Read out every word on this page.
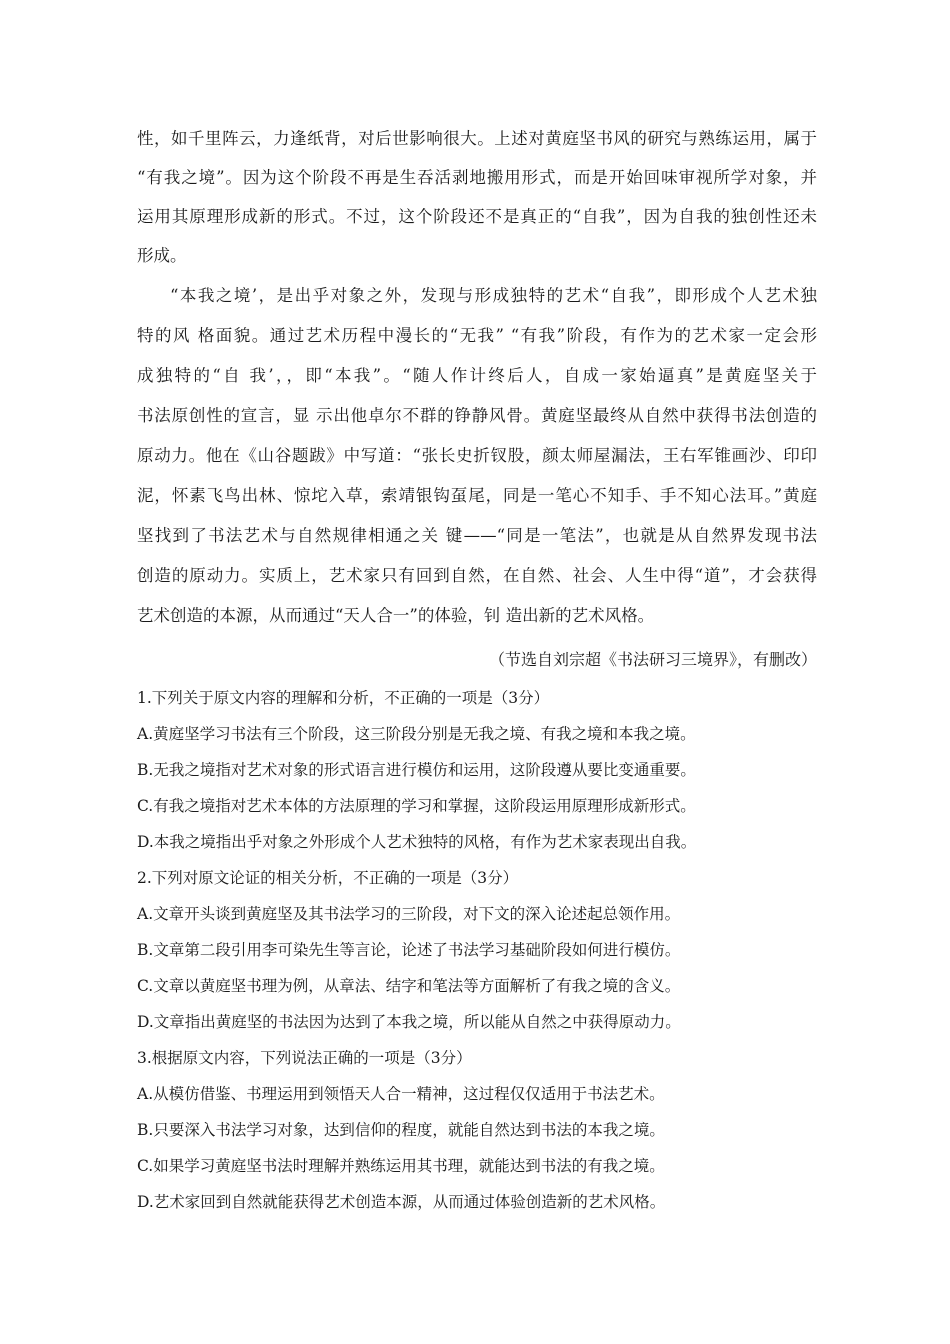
性，如千里阵云，力逢纸背，对后世影响很大。上述对黄庭坚书风的研究与熟练运用，属于
“有我之境”。因为这个阶段不再是生吞活剥地搬用形式，而是开始回味审视所学对象，并
运用其原理形成新的形式。不过，这个阶段还不是真正的“自我”，因为自我的独创性还未
形成。
“本我之境’，是出乎对象之外，发现与形成独特的艺术“自我”，即形成个人艺术独
特的风 格面貌。通过艺术历程中漫长的“无我” “有我”阶段，有作为的艺术家一定会形
成独特的“自 我’，，即“本我”。“随人作计终后人，自成一家始逼真”是黄庭坚关于
书法原创性的宣言，显 示出他卓尔不群的铮静风骨。黄庭坚最终从自然中获得书法创造的
原动力。他在《山谷题跋》中写道：“张长史折钗股，颜太师屋漏法，王右军锥画沙、印印
泥，怀素飞鸟出林、惊坨入草，索靖银钩虿尾，同是一笔心不知手、手不知心法耳。”黄庭
坚找到了书法艺术与自然规律相通之关 键——“同是一笔法”，也就是从自然界发现书法
创造的原动力。实质上，艺术家只有回到自然，在自然、社会、人生中得“道”，才会获得
艺术创造的本源，从而通过“天人合一”的体验，钊 造出新的艺术风格。
（节选自刘宗超《书法研习三境界》，有删改）
1.下列关于原文内容的理解和分析，不正确的一项是（3分）
A.黄庭坚学习书法有三个阶段，这三阶段分别是无我之境、有我之境和本我之境。
B.无我之境指对艺术对象的形式语言进行模仿和运用，这阶段遵从要比变通重要。
C.有我之境指对艺术本体的方法原理的学习和掌握，这阶段运用原理形成新形式。
D.本我之境指出乎对象之外形成个人艺术独特的风格，有作为艺术家表现出自我。
2.下列对原文论证的相关分析，不正确的一项是（3分）
A.文章开头谈到黄庭坚及其书法学习的三阶段，对下文的深入论述起总领作用。
B.文章第二段引用李可染先生等言论，论述了书法学习基础阶段如何进行模仿。
C.文章以黄庭坚书理为例，从章法、结字和笔法等方面解析了有我之境的含义。
D.文章指出黄庭坚的书法因为达到了本我之境，所以能从自然之中获得原动力。
3.根据原文内容，下列说法正确的一项是（3分）
A.从模仿借鉴、书理运用到领悟天人合一精神，这过程仅仅适用于书法艺术。
B.只要深入书法学习对象，达到信仰的程度，就能自然达到书法的本我之境。
C.如果学习黄庭坚书法时理解并熟练运用其书理，就能达到书法的有我之境。
D.艺术家回到自然就能获得艺术创造本源，从而通过体验创造新的艺术风格。
